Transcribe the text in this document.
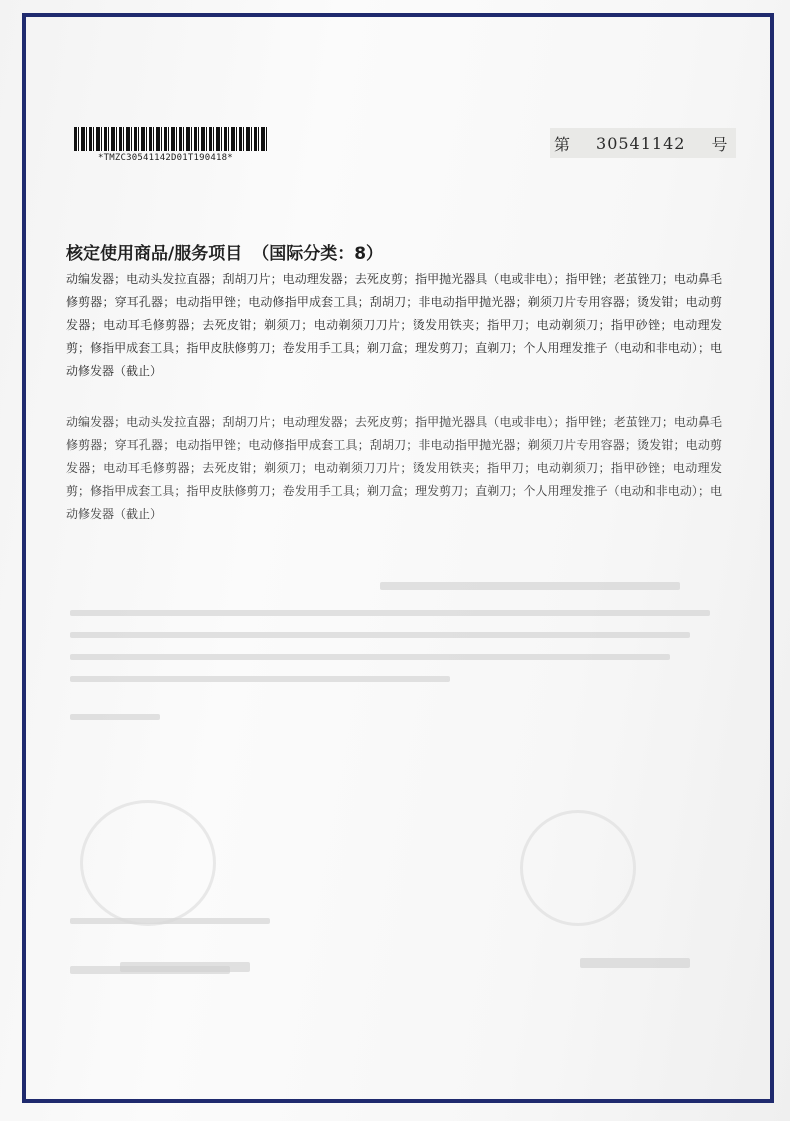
*TMZC30541142D01T190418*
第 30541142 号
核定使用商品/服务项目 （国际分类：8）

动编发器；电动头发拉直器；刮胡刀片；电动理发器；去死皮剪；指甲抛光器具（电或非电）；指甲锉；老茧锉刀；电动鼻毛修剪器；穿耳孔器；电动指甲锉；电动修指甲成套工具；刮胡刀；非电动指甲抛光器；剃须刀片专用容器；烫发钳；电动剪发器；电动耳毛修剪器；去死皮钳；剃须刀；电动剃须刀刀片；烫发用铁夹；指甲刀；电动剃须刀；指甲砂锉；电动理发剪；修指甲成套工具；指甲皮肤修剪刀；卷发用手工具；剃刀盒；理发剪刀；直剃刀；个人用理发推子（电动和非电动）；电动修发器（截止）

动编发器；电动头发拉直器；刮胡刀片；电动理发器；去死皮剪；指甲抛光器具（电或非电）；指甲锉；老茧锉刀；电动鼻毛修剪器；穿耳孔器；电动指甲锉；电动修指甲成套工具；刮胡刀；非电动指甲抛光器；剃须刀片专用容器；烫发钳；电动剪发器；电动耳毛修剪器；去死皮钳；剃须刀；电动剃须刀刀片；烫发用铁夹；指甲刀；电动剃须刀；指甲砂锉；电动理发剪；修指甲成套工具；指甲皮肤修剪刀；卷发用手工具；剃刀盒；理发剪刀；直剃刀；个人用理发推子（电动和非电动）；电动修发器（截止）
